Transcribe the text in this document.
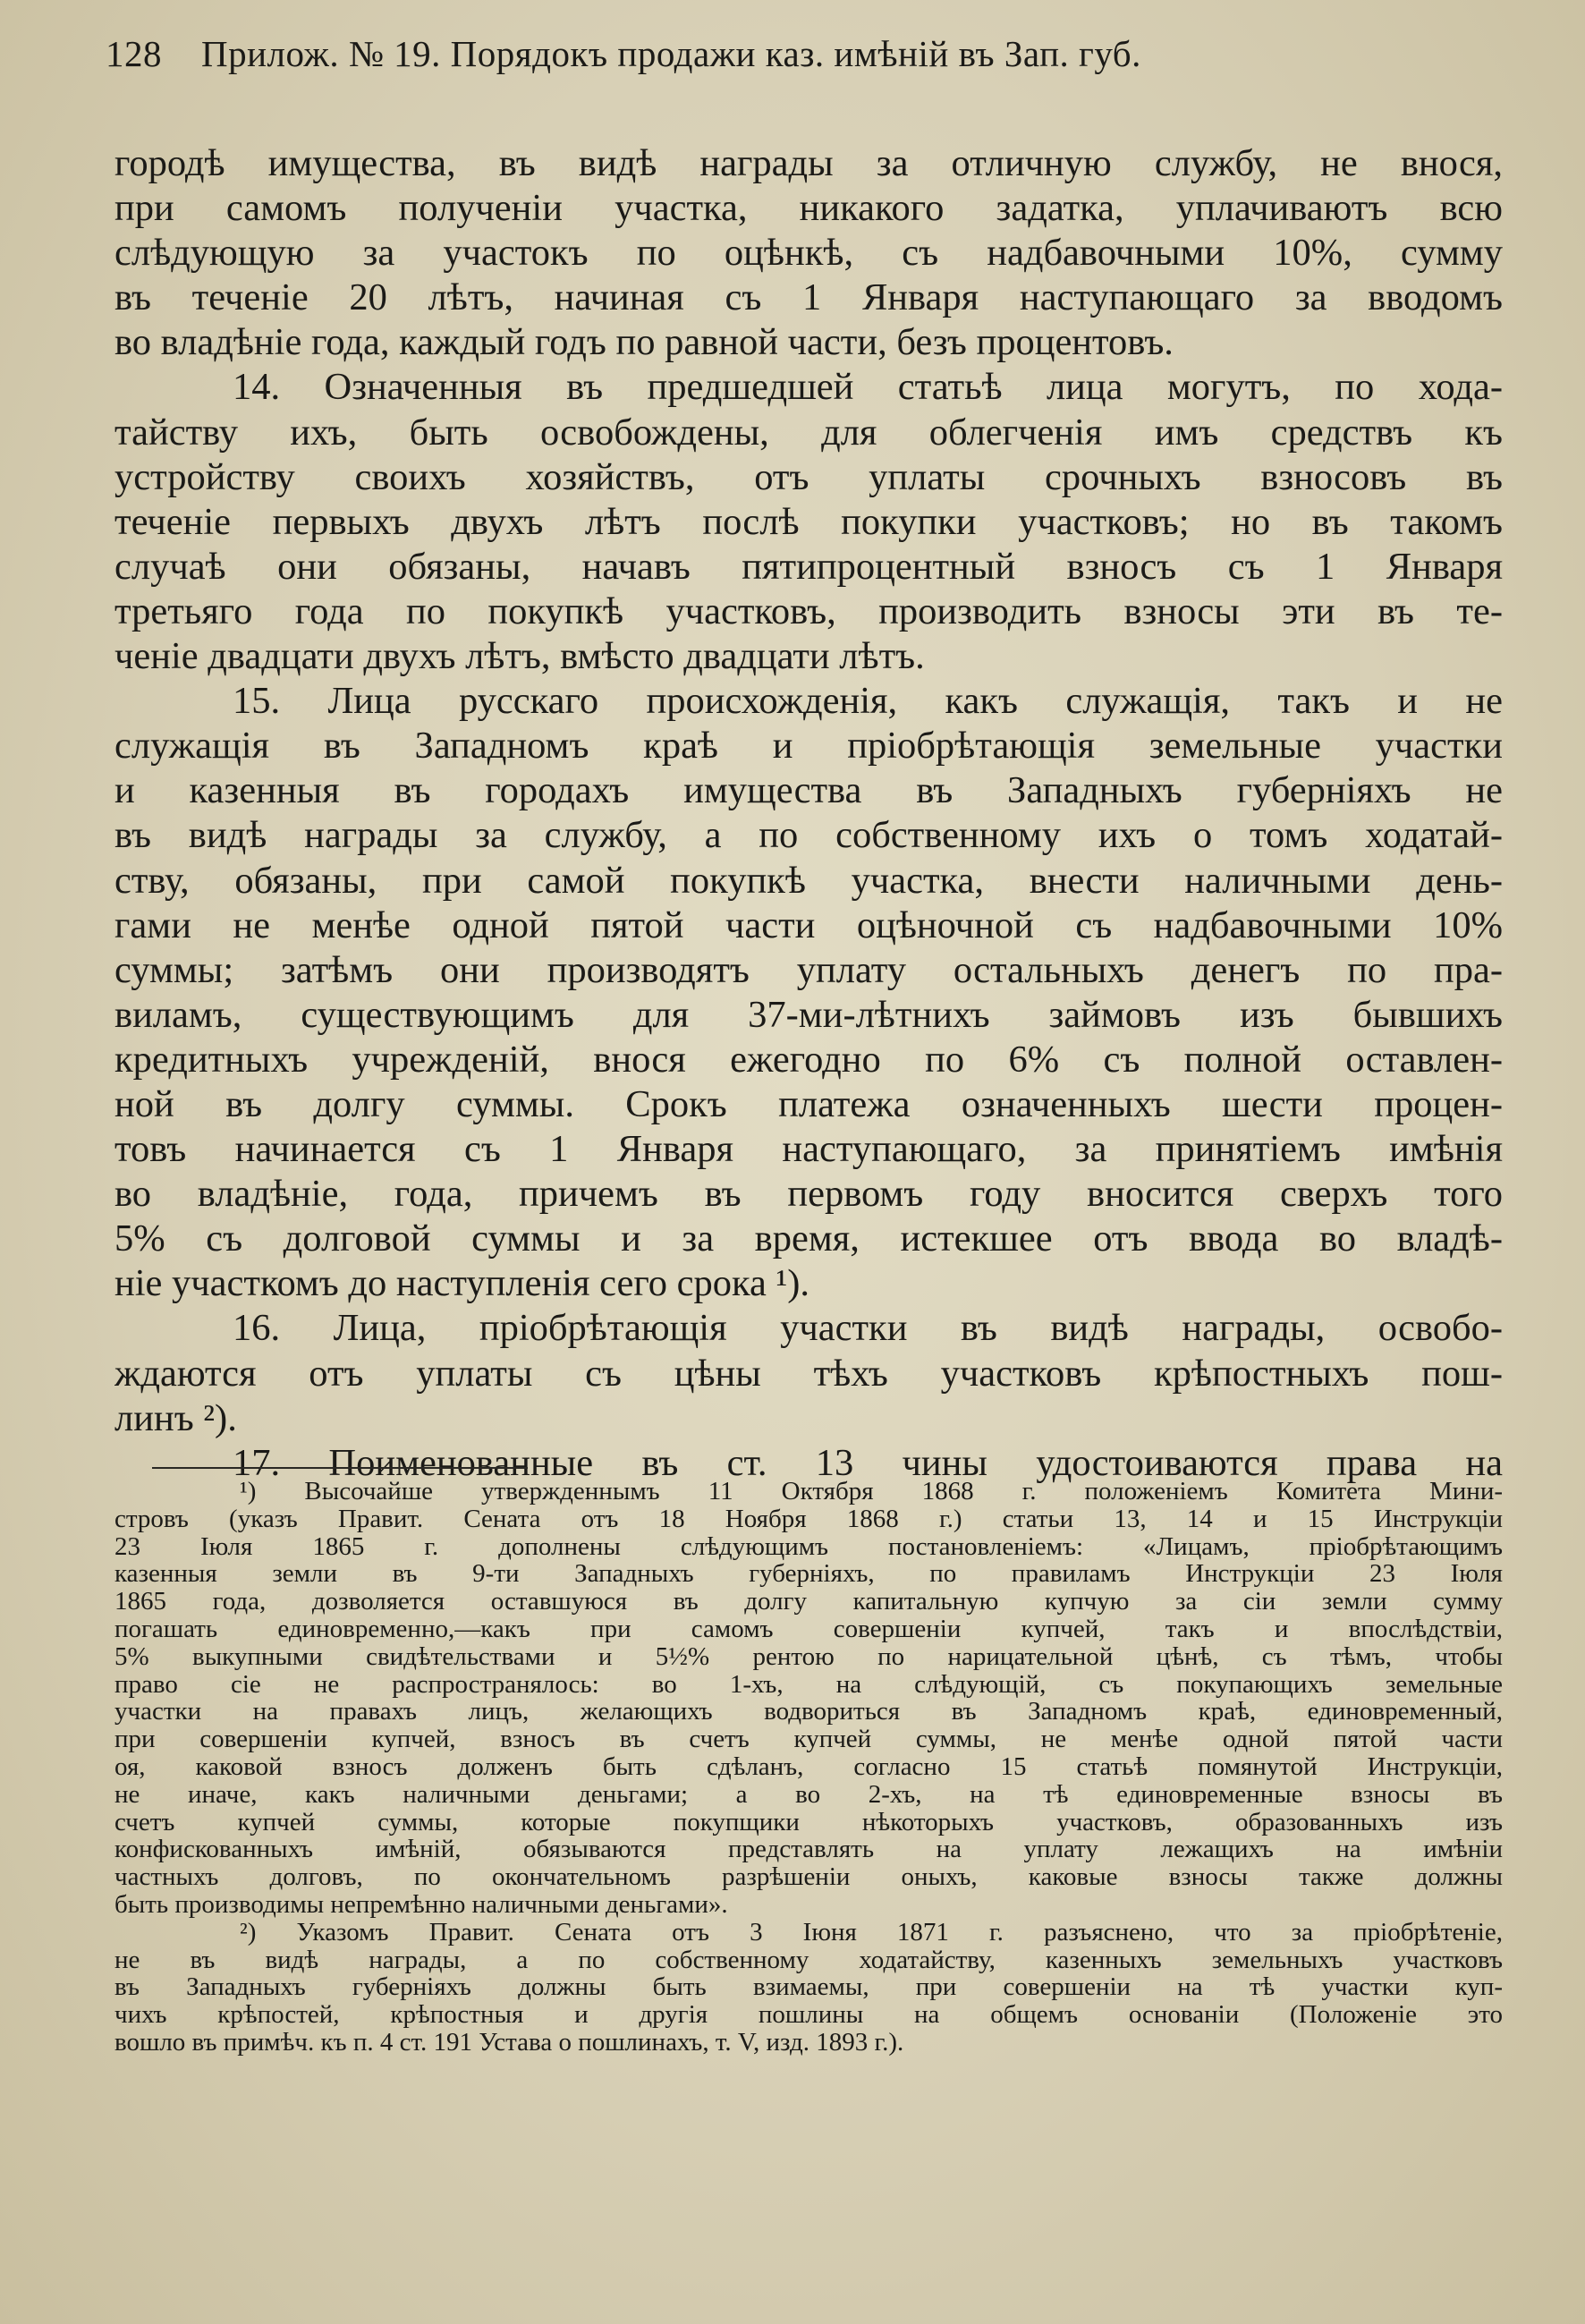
128 Прилож. № 19. Порядокъ продажи каз. имѣній въ Зап. губ.
городѣ имущества, въ видѣ награды за отличную службу, не внося,
при самомъ полученіи участка, никакого задатка, уплачиваютъ всю
слѣдующую за участокъ по оцѣнкѣ, съ надбавочными 10%, сумму
въ теченіе 20 лѣтъ, начиная съ 1 Января наступающаго за вводомъ
во владѣніе года, каждый годъ по равной части, безъ процентовъ.
14. Означенныя въ предшедшей статьѣ лица могутъ, по хода-
тайству ихъ, быть освобождены, для облегченія имъ средствъ къ
устройству своихъ хозяйствъ, отъ уплаты срочныхъ взносовъ въ
теченіе первыхъ двухъ лѣтъ послѣ покупки участковъ; но въ такомъ
случаѣ они обязаны, начавъ пятипроцентный взносъ съ 1 Января
третьяго года по покупкѣ участковъ, производить взносы эти въ те-
ченіе двадцати двухъ лѣтъ, вмѣсто двадцати лѣтъ.
15. Лица русскаго происхожденія, какъ служащія, такъ и не
служащія въ Западномъ краѣ и пріобрѣтающія земельные участки
и казенныя въ городахъ имущества въ Западныхъ губерніяхъ не
въ видѣ награды за службу, а по собственному ихъ о томъ ходатай-
ству, обязаны, при самой покупкѣ участка, внести наличными день-
гами не менѣе одной пятой части оцѣночной съ надбавочными 10%
суммы; затѣмъ они производятъ уплату остальныхъ денегъ по пра-
виламъ, существующимъ для 37-ми-лѣтнихъ займовъ изъ бывшихъ
кредитныхъ учрежденій, внося ежегодно по 6% съ полной оставлен-
ной въ долгу суммы. Срокъ платежа означенныхъ шести процен-
товъ начинается съ 1 Января наступающаго, за принятіемъ имѣнія
во владѣніе, года, причемъ въ первомъ году вносится сверхъ того
5% съ долговой суммы и за время, истекшее отъ ввода во владѣ-
ніе участкомъ до наступленія сего срока ¹).
16. Лица, пріобрѣтающія участки въ видѣ награды, освобо-
ждаются отъ уплаты съ цѣны тѣхъ участковъ крѣпостныхъ пош-
линъ ²).
17. Поименованные въ ст. 13 чины удостоиваются права на
¹) Высочайше утвержденнымъ 11 Октября 1868 г. положеніемъ Комитета Мини-
стровъ (указъ Правит. Сената отъ 18 Ноября 1868 г.) статьи 13, 14 и 15 Инструкціи
23 Іюля 1865 г. дополнены слѣдующимъ постановленіемъ: «Лицамъ, пріобрѣтающимъ
казенныя земли въ 9-ти Западныхъ губерніяхъ, по правиламъ Инструкціи 23 Іюля
1865 года, дозволяется оставшуюся въ долгу капитальную купчую за сіи земли сумму
погашать единовременно,—какъ при самомъ совершеніи купчей, такъ и впослѣдствіи,
5% выкупными свидѣтельствами и 5½% рентою по нарицательной цѣнѣ, съ тѣмъ, чтобы
право сіе не распространялось: во 1-хъ, на слѣдующій, съ покупающихъ земельные
участки на правахъ лицъ, желающихъ водвориться въ Западномъ краѣ, единовременный,
при совершеніи купчей, взносъ въ счетъ купчей суммы, не менѣе одной пятой части
оя, каковой взносъ долженъ быть сдѣланъ, согласно 15 статьѣ помянутой Инструкціи,
не иначе, какъ наличными деньгами; а во 2-хъ, на тѣ единовременные взносы въ
счетъ купчей суммы, которые покупщики нѣкоторыхъ участковъ, образованныхъ изъ
конфискованныхъ имѣній, обязываются представлять на уплату лежащихъ на имѣніи
частныхъ долговъ, по окончательномъ разрѣшеніи оныхъ, каковые взносы также должны
быть производимы непремѣнно наличными деньгами».
²) Указомъ Правит. Сената отъ 3 Іюня 1871 г. разъяснено, что за пріобрѣтеніе,
не въ видѣ награды, а по собственному ходатайству, казенныхъ земельныхъ участковъ
въ Западныхъ губерніяхъ должны быть взимаемы, при совершеніи на тѣ участки куп-
чихъ крѣпостей, крѣпостныя и другія пошлины на общемъ основаніи (Положеніе это
вошло въ примѣч. къ п. 4 ст. 191 Устава о пошлинахъ, т. V, изд. 1893 г.).
